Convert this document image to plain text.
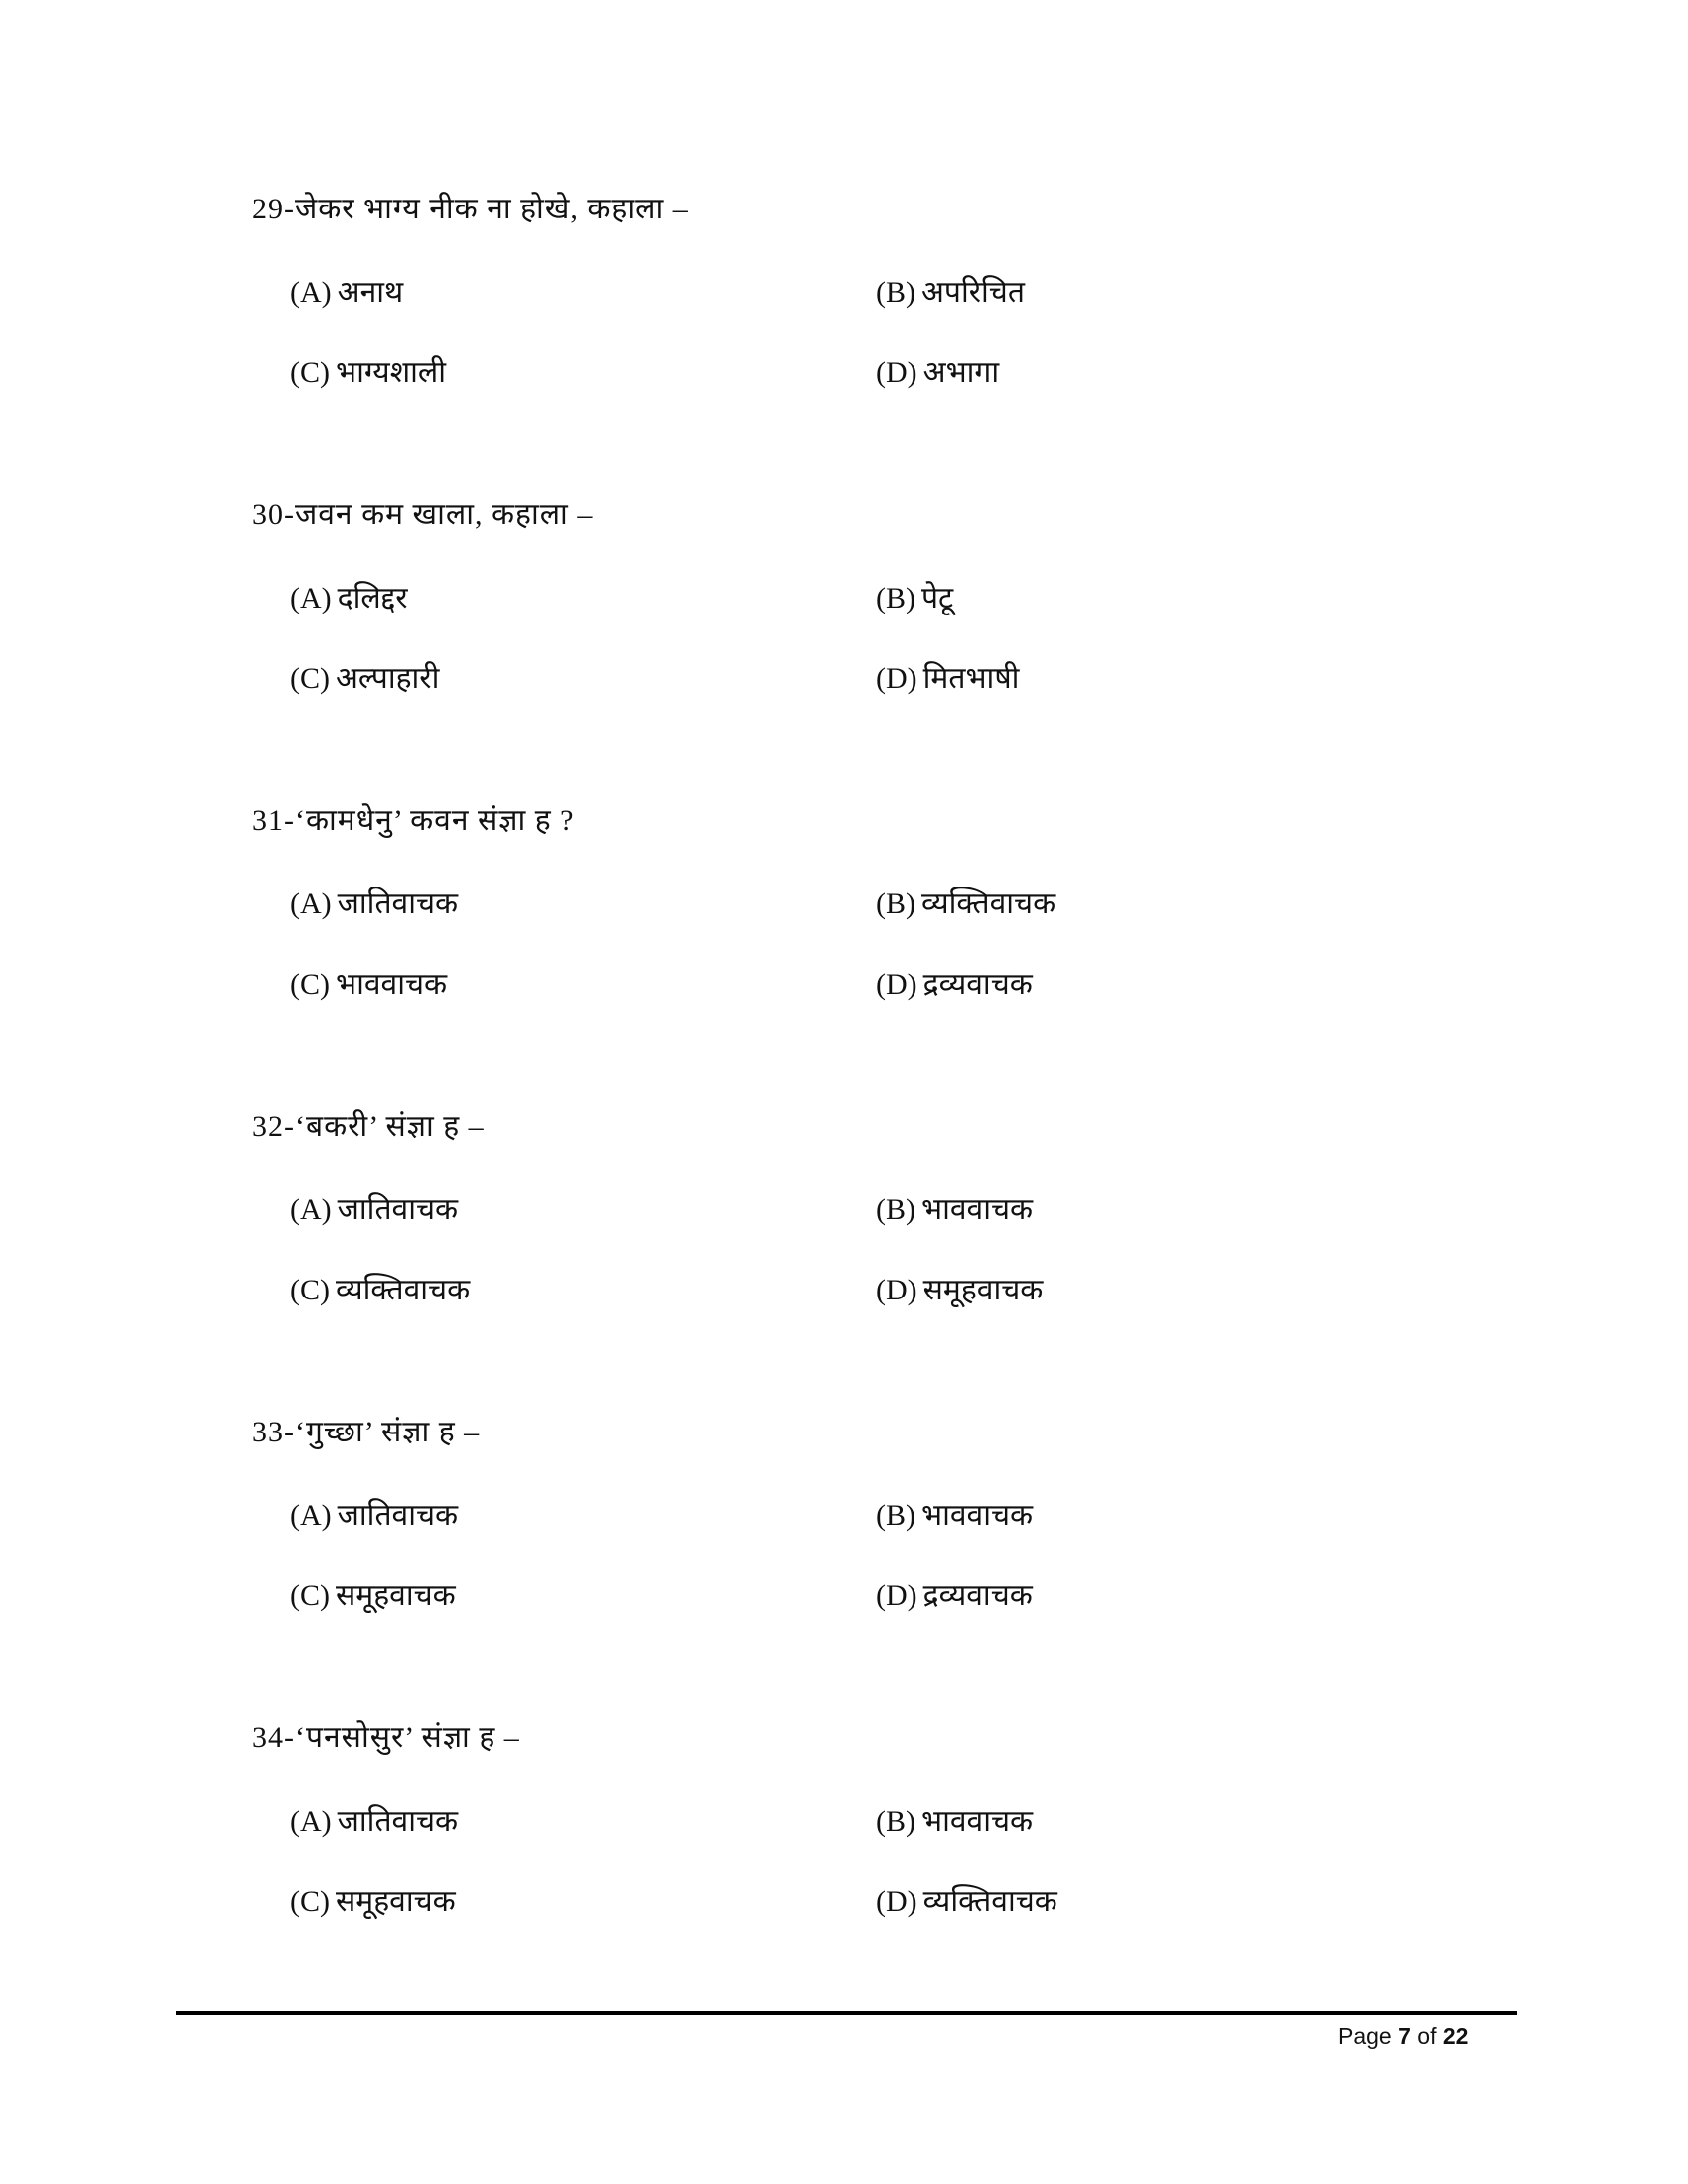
29-जेकर भाग्य नीक ना होखे, कहाला –
(A) अनाथ	(B) अपरिचित
(C) भाग्यशाली	(D) अभागा
30-जवन कम खाला, कहाला –
(A) दलिद्दर	(B) पेटू
(C) अल्पाहारी	(D) मितभाषी
31-‘कामधेनु’ कवन संज्ञा ह ?
(A) जातिवाचक	(B) व्यक्तिवाचक
(C) भाववाचक	(D) द्रव्यवाचक
32-‘बकरी’ संज्ञा ह –
(A) जातिवाचक	(B) भाववाचक
(C) व्यक्तिवाचक	(D) समूहवाचक
33-‘गुच्छा’ संज्ञा ह –
(A) जातिवाचक	(B) भाववाचक
(C) समूहवाचक	(D) द्रव्यवाचक
34-‘पनसोसुर’ संज्ञा ह –
(A) जातिवाचक	(B) भाववाचक
(C) समूहवाचक	(D) व्यक्तिवाचक
Page 7 of 22
